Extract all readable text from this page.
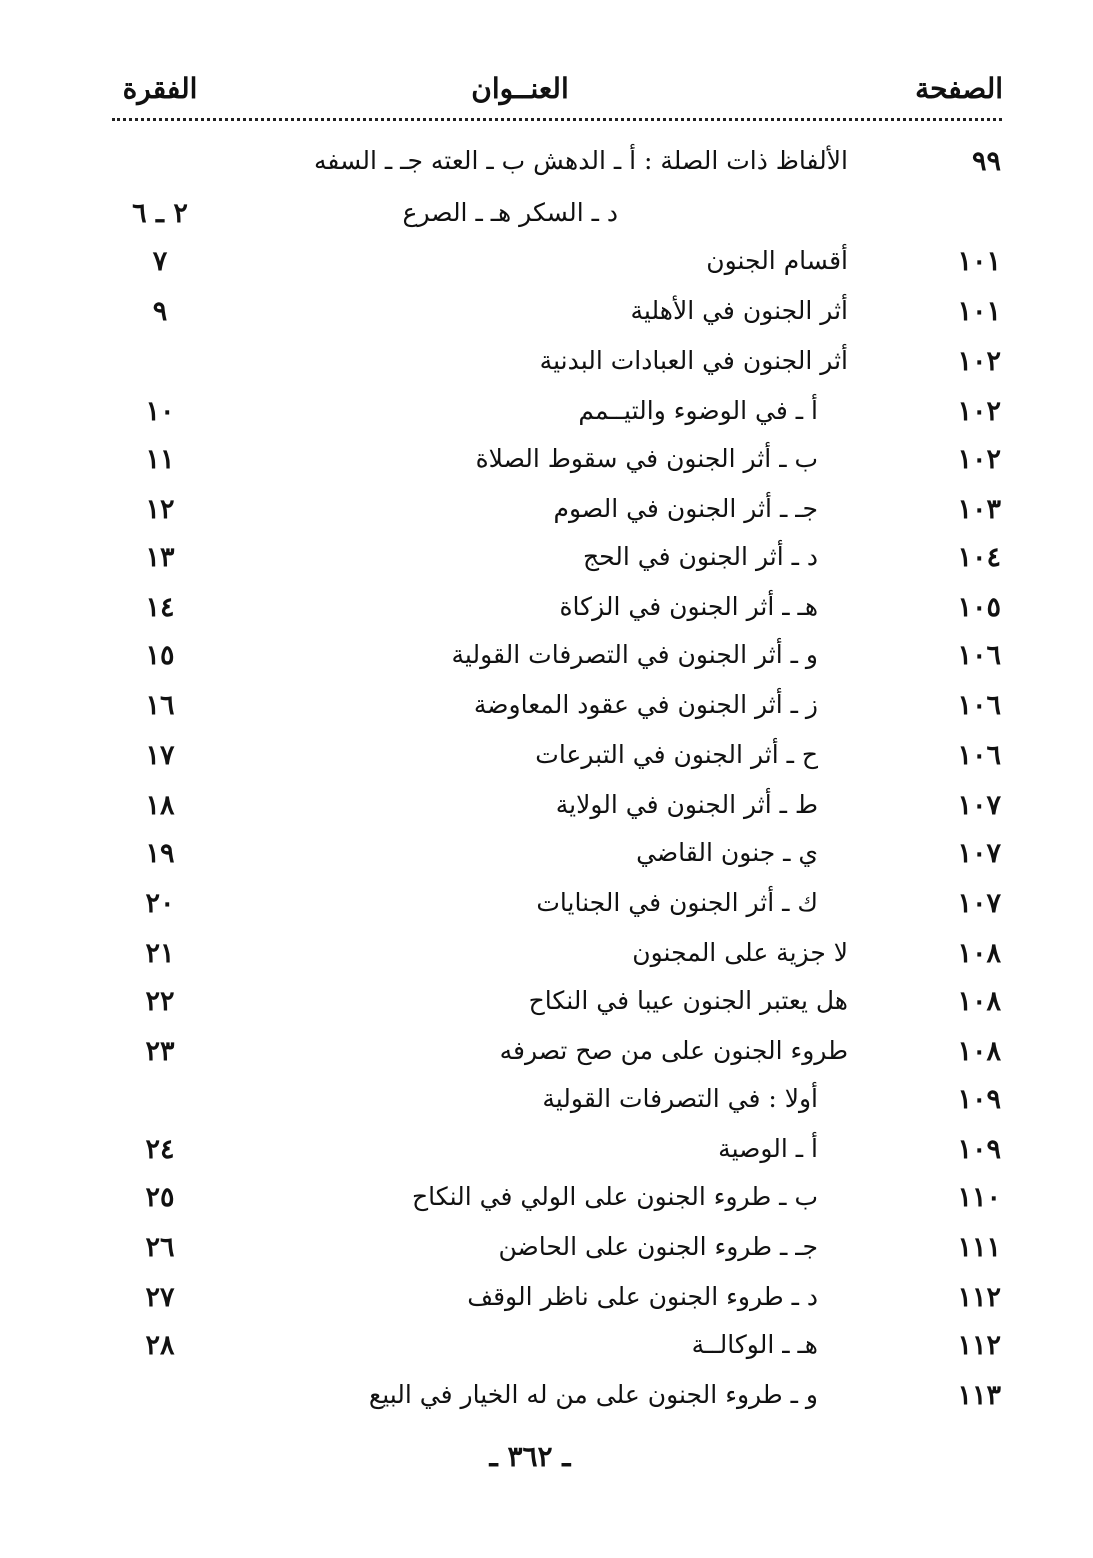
الصفحة
العنــوان
الفقرة
٩٩
الألفاظ ذات الصلة : أ ـ الدهش ب ـ العته جـ ـ السفه
د ـ السكر هـ ـ الصرع
٢ ـ ٦
١٠١
أقسام الجنون
٧
١٠١
أثر الجنون في الأهلية
٩
١٠٢
أثر الجنون في العبادات البدنية
١٠٢
أ ـ في الوضوء والتيــمم
١٠
١٠٢
ب ـ أثر الجنون في سقوط الصلاة
١١
١٠٣
جـ ـ أثر الجنون في الصوم
١٢
١٠٤
د ـ أثر الجنون في الحج
١٣
١٠٥
هـ ـ أثر الجنون في الزكاة
١٤
١٠٦
و ـ أثر الجنون في التصرفات القولية
١٥
١٠٦
ز ـ أثر الجنون في عقود المعاوضة
١٦
١٠٦
ح ـ أثر الجنون في التبرعات
١٧
١٠٧
ط ـ أثر الجنون في الولاية
١٨
١٠٧
ي ـ جنون القاضي
١٩
١٠٧
ك ـ أثر الجنون في الجنايات
٢٠
١٠٨
لا جزية على المجنون
٢١
١٠٨
هل يعتبر الجنون عيبا في النكاح
٢٢
١٠٨
طروء الجنون على من صح تصرفه
٢٣
١٠٩
أولا : في التصرفات القولية
١٠٩
أ ـ الوصية
٢٤
١١٠
ب ـ طروء الجنون على الولي في النكاح
٢٥
١١١
جـ ـ طروء الجنون على الحاضن
٢٦
١١٢
د ـ طروء الجنون على ناظر الوقف
٢٧
١١٢
هـ ـ الوكالــة
٢٨
١١٣
و ـ طروء الجنون على من له الخيار في البيع
ـ ٣٦٢ ـ
